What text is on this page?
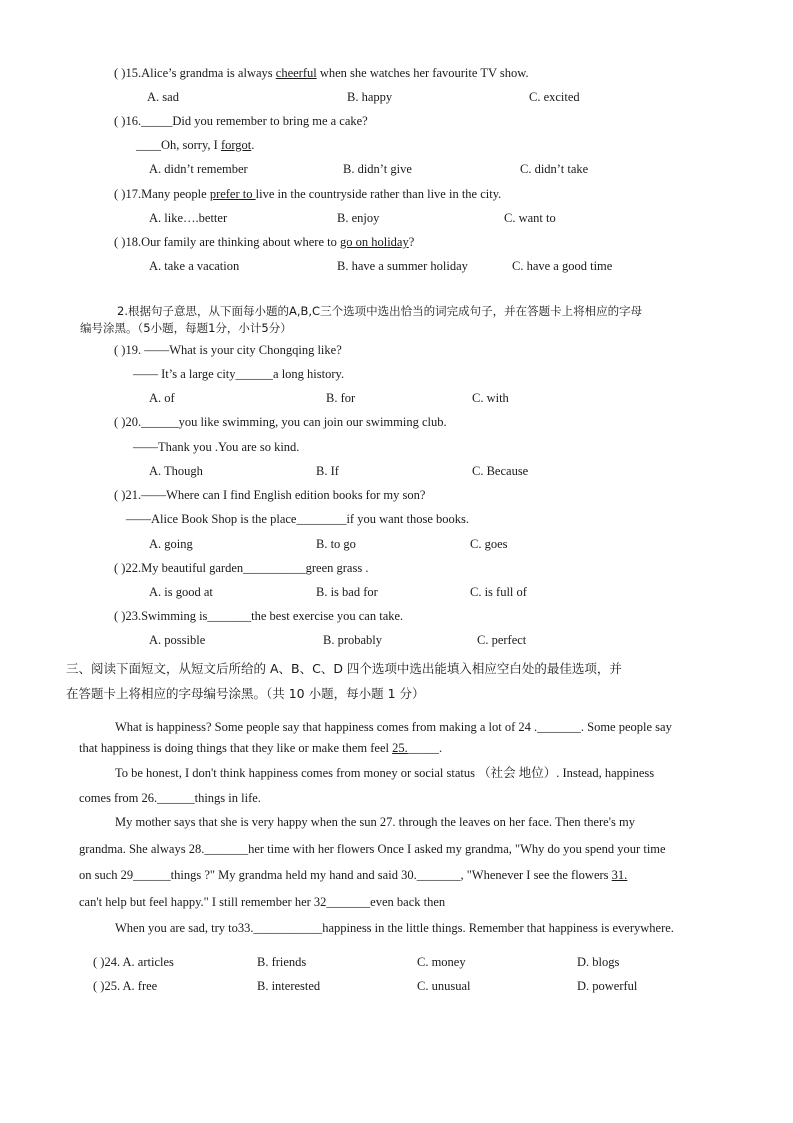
( )15.Alice’s grandma is always cheerful when she watches her favourite TV show.
A. sad	B. happy	C. excited
( )16._____Did you remember to bring me a cake?
____Oh, sorry, I forgot.
A. didn’t remember	B. didn’t give	C. didn’t take
( )17.Many people prefer to live in the countryside rather than live in the city.
A. like….better	B. enjoy	C. want to
( )18.Our family are thinking about where to go on holiday?
A. take a vacation	B. have a summer holiday	C. have a good time
2.根据句子意思，从下面每小题的A,B,C三个选项中选出恰当的词完成句子，并在答题卡上将相应的字母
编号涂黑。（5小题，每题1分，小计5分）
( )19. ——What is your city Chongqing like?
—— It’s a large city______a long history.
A. of	B. for	C. with
( )20.______you like swimming, you can join our swimming club.
——Thank you .You are so kind.
A. Though	B. If	C. Because
( )21.——Where can I find English edition books for my son?
——Alice Book Shop is the place________if you want those books.
A. going	B. to go	C. goes
( )22.My beautiful garden__________green grass .
A. is good at	B. is bad for	C. is full of
( )23.Swimming is_______the best exercise you can take.
A. possible	B. probably	C. perfect
三、阅读下面短文，从短文后所给的 A、B、C、D 四个选项中选出能填入相应空白处的最佳选项，并
在答题卡上将相应的字母编号涂黑。（共 10 小题，每小题 1 分）
What is happiness? Some people say that happiness comes from making a lot of 24 ._______. Some people say
that happiness is doing things that they like or make them feel 25._____.
To be honest, I don't think happiness comes from money or social status （社会 地位）. Instead, happiness
comes from 26.______things in life.
My mother says that she is very happy when the sun 27. through the leaves on her face. Then there's my
grandma. She always 28._______her time with her flowers Once I asked my grandma, "Why do you spend your time
on such 29______things ?" My grandma held my hand and said 30._______, "Whenever I see the flowers 31.
can't help but feel happy." I still remember her 32_______even back then
When you are sad, try to33.___________happiness in the little things. Remember that happiness is everywhere.
( )24. A. articles	B. friends	C. money	D. blogs
( )25. A. free	B. interested	C. unusual	D. powerful
